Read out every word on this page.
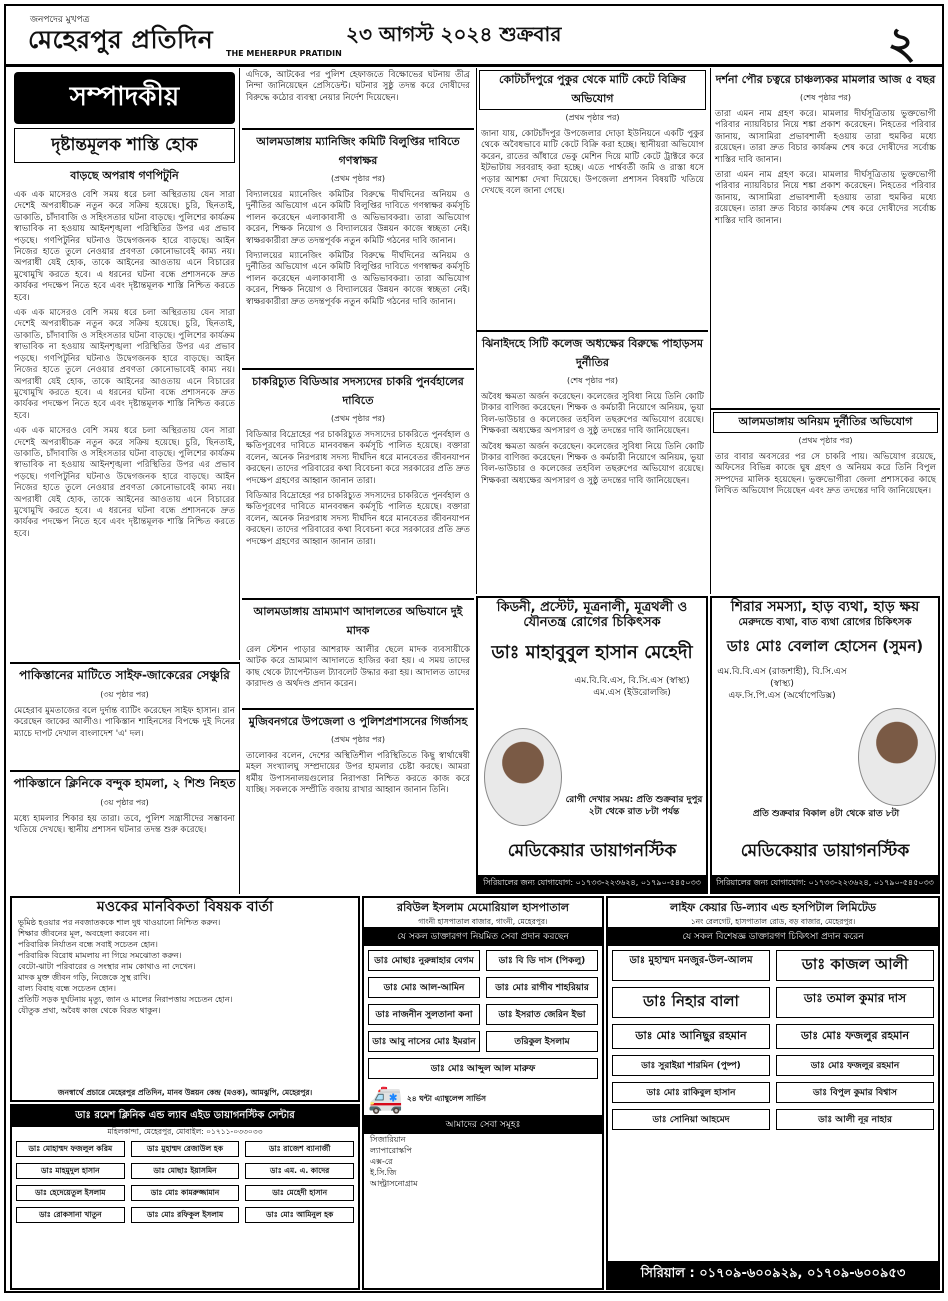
জনপদের মুখপত্র
মেহেরপুর প্রতিদিন THE MEHERPUR PRATIDIN
২৩ আগস্ট ২০২৪ শুক্রবার	২
সম্পাদকীয়
দৃষ্টান্তমূলক শাস্তি হোক
বাড়ছে অপরাধ গণপিটুনি

এক এক মাসেরও বেশি সময় ধরে চলা অস্থিরতায় যেন সারা দেশেই অপরাধীচক্র নতুন করে সক্রিয় হয়েছে। চুরি, ছিনতাই, ডাকাতি, চাঁদাবাজি ও সহিংসতার ঘটনা বাড়ছে। পুলিশের কার্যক্রম স্বাভাবিক না হওয়ায় আইনশৃঙ্খলা পরিস্থিতির উপর এর প্রভাব পড়ছে। গণপিটুনির ঘটনাও উদ্বেগজনক হারে বাড়ছে। আইন নিজের হাতে তুলে নেওয়ার প্রবণতা কোনোভাবেই কাম্য নয়। অপরাধী যেই হোক, তাকে আইনের আওতায় এনে বিচারের মুখোমুখি করতে হবে। এ ধরনের ঘটনা বন্ধে প্রশাসনকে দ্রুত কার্যকর পদক্ষেপ নিতে হবে এবং দৃষ্টান্তমূলক শাস্তি নিশ্চিত করতে হবে।

এক এক মাসেরও বেশি সময় ধরে চলা অস্থিরতায় যেন সারা দেশেই অপরাধীচক্র নতুন করে সক্রিয় হয়েছে। চুরি, ছিনতাই, ডাকাতি, চাঁদাবাজি ও সহিংসতার ঘটনা বাড়ছে। পুলিশের কার্যক্রম স্বাভাবিক না হওয়ায় আইনশৃঙ্খলা পরিস্থিতির উপর এর প্রভাব পড়ছে। গণপিটুনির ঘটনাও উদ্বেগজনক হারে বাড়ছে। আইন নিজের হাতে তুলে নেওয়ার প্রবণতা কোনোভাবেই কাম্য নয়। অপরাধী যেই হোক, তাকে আইনের আওতায় এনে বিচারের মুখোমুখি করতে হবে। এ ধরনের ঘটনা বন্ধে প্রশাসনকে দ্রুত কার্যকর পদক্ষেপ নিতে হবে এবং দৃষ্টান্তমূলক শাস্তি নিশ্চিত করতে হবে।

এক এক মাসেরও বেশি সময় ধরে চলা অস্থিরতায় যেন সারা দেশেই অপরাধীচক্র নতুন করে সক্রিয় হয়েছে। চুরি, ছিনতাই, ডাকাতি, চাঁদাবাজি ও সহিংসতার ঘটনা বাড়ছে। পুলিশের কার্যক্রম স্বাভাবিক না হওয়ায় আইনশৃঙ্খলা পরিস্থিতির উপর এর প্রভাব পড়ছে। গণপিটুনির ঘটনাও উদ্বেগজনক হারে বাড়ছে। আইন নিজের হাতে তুলে নেওয়ার প্রবণতা কোনোভাবেই কাম্য নয়। অপরাধী যেই হোক, তাকে আইনের আওতায় এনে বিচারের মুখোমুখি করতে হবে। এ ধরনের ঘটনা বন্ধে প্রশাসনকে দ্রুত কার্যকর পদক্ষেপ নিতে হবে এবং দৃষ্টান্তমূলক শাস্তি নিশ্চিত করতে হবে।

পাকিস্তানের মাটিতে সাইফ-জাকেরের সেঞ্চুরি
(৩য় পৃষ্ঠার পর)

মেহেরাব মুমতাজের বলে দুর্দান্ত ব্যাটিং করেছেন সাইফ হাসান। রান করেছেন জাকের আলীও। পাকিস্তান শাহিনসের বিপক্ষে দুই দিনের ম্যাচে দাপট দেখাল বাংলাদেশ 'এ' দল।

পাকিস্তানে ক্লিনিকে বন্দুক হামলা, ২ শিশু নিহত
(৩য় পৃষ্ঠার পর)

মধ্যে হামলার শিকার হয় তারা। তবে, পুলিশ সন্ত্রাসীদের সম্ভাবনা খতিয়ে দেখছে। স্থানীয় প্রশাসন ঘটনার তদন্ত শুরু করেছে।

এদিকে, আটকের পর পুলিশ হেফাজতে বিক্ষোভের ঘটনায় তীব্র নিন্দা জানিয়েছেন প্রেসিডেন্ট। ঘটনার সুষ্ঠু তদন্ত করে দোষীদের বিরুদ্ধে কঠোর ব্যবস্থা নেয়ার নির্দেশ দিয়েছেন।

আলমডাঙ্গায় ম্যানিজিং কমিটি বিলুপ্তির দাবিতে গণস্বাক্ষর
(প্রথম পৃষ্ঠার পর)

বিদ্যালয়ের ম্যানেজিং কমিটির বিরুদ্ধে দীর্ঘদিনের অনিয়ম ও দুর্নীতির অভিযোগ এনে কমিটি বিলুপ্তির দাবিতে গণস্বাক্ষর কর্মসূচি পালন করেছেন এলাকাবাসী ও অভিভাবকরা। তারা অভিযোগ করেন, শিক্ষক নিয়োগ ও বিদ্যালয়ের উন্নয়ন কাজে স্বচ্ছতা নেই। স্বাক্ষরকারীরা দ্রুত তদন্তপূর্বক নতুন কমিটি গঠনের দাবি জানান।

বিদ্যালয়ের ম্যানেজিং কমিটির বিরুদ্ধে দীর্ঘদিনের অনিয়ম ও দুর্নীতির অভিযোগ এনে কমিটি বিলুপ্তির দাবিতে গণস্বাক্ষর কর্মসূচি পালন করেছেন এলাকাবাসী ও অভিভাবকরা। তারা অভিযোগ করেন, শিক্ষক নিয়োগ ও বিদ্যালয়ের উন্নয়ন কাজে স্বচ্ছতা নেই। স্বাক্ষরকারীরা দ্রুত তদন্তপূর্বক নতুন কমিটি গঠনের দাবি জানান।

চাকরিচ্যুত বিডিআর সদস্যদের চাকরি পুনর্বহালের দাবিতে
(প্রথম পৃষ্ঠার পর)

বিডিআর বিদ্রোহের পর চাকরিচ্যুত সদস্যদের চাকরিতে পুনর্বহাল ও ক্ষতিপূরণের দাবিতে মানববন্ধন কর্মসূচি পালিত হয়েছে। বক্তারা বলেন, অনেক নিরপরাধ সদস্য দীর্ঘদিন ধরে মানবেতর জীবনযাপন করছেন। তাদের পরিবারের কথা বিবেচনা করে সরকারের প্রতি দ্রুত পদক্ষেপ গ্রহণের আহ্বান জানান তারা।

বিডিআর বিদ্রোহের পর চাকরিচ্যুত সদস্যদের চাকরিতে পুনর্বহাল ও ক্ষতিপূরণের দাবিতে মানববন্ধন কর্মসূচি পালিত হয়েছে। বক্তারা বলেন, অনেক নিরপরাধ সদস্য দীর্ঘদিন ধরে মানবেতর জীবনযাপন করছেন। তাদের পরিবারের কথা বিবেচনা করে সরকারের প্রতি দ্রুত পদক্ষেপ গ্রহণের আহ্বান জানান তারা।

আলমডাঙ্গায় ভ্রাম্যমাণ আদালতের অভিযানে দুই মাদক

রেল স্টেশন পাড়ার আশরাফ আলীর ছেলে মাদক ব্যবসায়ীকে আটক করে ভ্রাম্যমাণ আদালতে হাজির করা হয়। এ সময় তাদের কাছ থেকে ট্যাপেন্টাডল ট্যাবলেট উদ্ধার করা হয়। আদালত তাদের কারাদণ্ড ও অর্থদণ্ড প্রদান করেন।

মুজিবনগরে উপজেলা ও পুলিশপ্রশাসনের গির্জাসহ
(প্রথম পৃষ্ঠার পর)

তালোকর বলেন, দেশের অস্থিতিশীল পরিস্থিতিতে কিছু স্বার্থান্বেষী মহল সংখ্যালঘু সম্প্রদায়ের উপর হামলার চেষ্টা করছে। আমরা ধর্মীয় উপাসনালয়গুলোর নিরাপত্তা নিশ্চিত করতে কাজ করে যাচ্ছি। সকলকে সম্প্রীতি বজায় রাখার আহ্বান জানান তিনি।

কোটচাঁদপুরে পুকুর থেকে মাটি কেটে বিক্রির অভিযোগ
(প্রথম পৃষ্ঠার পর)

জানা যায়, কোটচাঁদপুর উপজেলার দোড়া ইউনিয়নে একটি পুকুর থেকে অবৈধভাবে মাটি কেটে বিক্রি করা হচ্ছে। স্থানীয়রা অভিযোগ করেন, রাতের আঁধারে ভেকু মেশিন দিয়ে মাটি কেটে ট্রাক্টরে করে ইটভাটায় সরবরাহ করা হচ্ছে। এতে পার্শ্ববর্তী জমি ও রাস্তা ধসে পড়ার আশঙ্কা দেখা দিয়েছে। উপজেলা প্রশাসন বিষয়টি খতিয়ে দেখছে বলে জানা গেছে।

ঝিনাইদহে সিটি কলেজ অধ্যক্ষের বিরুদ্ধে পাহাড়সম দুর্নীতির
(শেষ পৃষ্ঠার পর)

অবৈধ ক্ষমতা অর্জন করেছেন। কলেজের সুবিধা নিয়ে তিনি কোটি টাকার বাণিজ্য করেছেন। শিক্ষক ও কর্মচারী নিয়োগে অনিয়ম, ভুয়া বিল-ভাউচার ও কলেজের তহবিল তছরুপের অভিযোগ রয়েছে। শিক্ষকরা অধ্যক্ষের অপসারণ ও সুষ্ঠু তদন্তের দাবি জানিয়েছেন।

অবৈধ ক্ষমতা অর্জন করেছেন। কলেজের সুবিধা নিয়ে তিনি কোটি টাকার বাণিজ্য করেছেন। শিক্ষক ও কর্মচারী নিয়োগে অনিয়ম, ভুয়া বিল-ভাউচার ও কলেজের তহবিল তছরুপের অভিযোগ রয়েছে। শিক্ষকরা অধ্যক্ষের অপসারণ ও সুষ্ঠু তদন্তের দাবি জানিয়েছেন।

দর্শনা পৌর চত্বরে চাঞ্চল্যকর মামলার আজ ৫ বছর
(শেষ পৃষ্ঠার পর)

তারা এমন নাম গ্রহণ করে। মামলার দীর্ঘসূত্রিতায় ভুক্তভোগী পরিবার ন্যায়বিচার নিয়ে শঙ্কা প্রকাশ করেছেন। নিহতের পরিবার জানায়, আসামিরা প্রভাবশালী হওয়ায় তারা হুমকির মধ্যে রয়েছেন। তারা দ্রুত বিচার কার্যক্রম শেষ করে দোষীদের সর্বোচ্চ শাস্তির দাবি জানান।

তারা এমন নাম গ্রহণ করে। মামলার দীর্ঘসূত্রিতায় ভুক্তভোগী পরিবার ন্যায়বিচার নিয়ে শঙ্কা প্রকাশ করেছেন। নিহতের পরিবার জানায়, আসামিরা প্রভাবশালী হওয়ায় তারা হুমকির মধ্যে রয়েছেন। তারা দ্রুত বিচার কার্যক্রম শেষ করে দোষীদের সর্বোচ্চ শাস্তির দাবি জানান।

আলমডাঙ্গায় অনিয়ম দুর্নীতির অভিযোগ
(প্রথম পৃষ্ঠার পর)

তার বাবার অবসরের পর সে চাকরি পায়। অভিযোগ রয়েছে, অফিসের বিভিন্ন কাজে ঘুষ গ্রহণ ও অনিয়ম করে তিনি বিপুল সম্পদের মালিক হয়েছেন। ভুক্তভোগীরা জেলা প্রশাসকের কাছে লিখিত অভিযোগ দিয়েছেন এবং দ্রুত তদন্তের দাবি জানিয়েছেন।

কিডনী, প্রস্টেট, মূত্রনালী, মূত্রথলী ও যৌনতন্ত্র রোগের চিকিৎসক
ডাঃ মাহাবুবুল হাসান মেহেদী
এম.বি.বি.এস, বি.সি.এস (স্বাস্থ্য)
এম.এস (ইউরোলজি)
রোগী দেখার সময়: প্রতি শুক্রবার দুপুর ২টা থেকে রাত ৮টা পর্যন্ত
মেডিকেয়ার ডায়াগনস্টিক
সিরিয়ালের জন্য যোগাযোগ: ০১৭৩৩-২২৩৬২৪, ০১৭৯০-৫৪৫০৩৩
শিরার সমস্যা, হাড় ব্যথা, হাড় ক্ষয়
মেরুদন্ডে ব্যথা, বাত ব্যথা রোগের চিকিৎসক
ডাঃ মোঃ বেলাল হোসেন (সুমন)
এম.বি.বি.এস (রাজশাহী), বি.সি.এস (স্বাস্থ্য)
এফ.সি.পি.এস (অর্থোপেডিক্স)
প্রতি শুক্রবার বিকাল ৪টা থেকে রাত ৮টা
মেডিকেয়ার ডায়াগনস্টিক
সিরিয়ালের জন্য যোগাযোগ: ০১৭৩৩-২২৩৬২৪, ০১৭৯০-৫৪৫০৩৩
মওকের মানবিকতা বিষয়ক বার্তা
ভূমিষ্ঠ হওয়ার পর নবজাতককে শাল দুধ খাওয়ানো নিশ্চিত করুন।
শিক্ষার জীবনের মূল, অবহেলা করবেন না।
পরিবারিক নির্যাতন বন্ধে সবাই সচেতন হোন।
পরিবারিক বিরোধ মামলায় না গিয়ে সমঝোতা করুন।
বেটো-ঝাটা পরিবারের ও সংস্থার নাম কোথাও না দেখেন।
মাদক মুক্ত জীবন গড়ি, নিজেকে সুস্থ রাখি।
বাল্য বিবাহ বন্ধে সচেতন হোন।
প্রতিটি সড়ক দুর্ঘটনায় মৃত্যু, জান ও মালের নিরাপত্তায় সচেতন হোন।
যৌতুক প্রথা, অবৈধ কাজ থেকে বিরত থাকুন।
জনস্বার্থে প্রচারে মেহেরপুর প্রতিদিন, মানব উন্নয়ন কেন্দ্র (মওক), আমঝুপি, মেহেরপুর।
ডাঃ রমেশ ক্লিনিক এন্ড ল্যাব এইড ডায়াগনস্টিক সেন্টার
মহিলকান্দা, মেহেরপুর, মোবাইল: ০১৭১১-০৩৩০৩৩
ডাঃ মোহাম্মদ ফজলুল করিম	ডাঃ মুহাম্মদ রেজাউল হক	ডাঃ রাজেশ ব্যানার্জী
ডাঃ মাহমুদুল হাসান	ডাঃ মোছাঃ ইয়াসমিন	ডাঃ এম. এ. কাদের
ডাঃ হেদেয়েতুল ইসলাম	ডাঃ মোঃ কামরুজ্জামান	ডাঃ মেহেদী হাসান
ডাঃ রোকসানা খাতুন	ডাঃ মোঃ রফিকুল ইসলাম	ডাঃ মোঃ আমিনুল হক
রবিউল ইসলাম মেমোরিয়াল হাসপাতাল
গাংনী হাসপাতাল বাজার, গাংনী, মেহেরপুর।
যে সকল ডাক্তারগণ নিয়মিত সেবা প্রদান করছেন
ডাঃ মোছাঃ নুরুন্নাহার বেগম	ডাঃ বি ডি দাস (পিকলু)
ডাঃ মোঃ আল-আমিন	ডাঃ মোঃ রাগীব শাহরিয়ার
ডাঃ নাজনীন সুলতানা কনা	ডাঃ ইসরাত জেরিন ইভা
ডাঃ আবু নাসের মোঃ ইমরান	তরিকুল ইসলাম
ডাঃ মোঃ আব্দুল আল মারুফ
🚑 ২৪ ঘন্টা এ্যাম্বুলেন্স সার্ভিস
আমাদের সেবা সমূহঃ
সিজারিয়ান
ল্যাপারোস্কপি
এক্স-রে
ই.সি.জি
আল্ট্রাসনোগ্রাম
লাইফ কেয়ার ডি-ল্যাব এন্ড হসপিটাল লিমিটেড
১নং রেলগেট, হাসপাতাল রোড, বড় বাজার, মেহেরপুর।
যে সকল বিশেষজ্ঞ ডাক্তারগণ চিকিৎসা প্রদান করেন
ডাঃ মুহাম্মদ মনজুর-উল-আলম	ডাঃ কাজল আলী
ডাঃ নিহার বালা	ডাঃ তমাল কুমার দাস
ডাঃ মোঃ আনিছুর রহমান	ডাঃ মোঃ ফজলুর রহমান
ডাঃ সুরাইয়া শারমিন (পুষ্প)	ডাঃ মোঃ ফজলুর রহমান
ডাঃ মোঃ রাকিবুল হাসান	ডাঃ বিপুল কুমার বিশ্বাস
ডাঃ সোনিয়া আহমেদ	ডাঃ আলী নূর নাহার
সিরিয়াল : ০১৭০৯-৬০০৯২৯, ০১৭০৯-৬০০৯৫৩
